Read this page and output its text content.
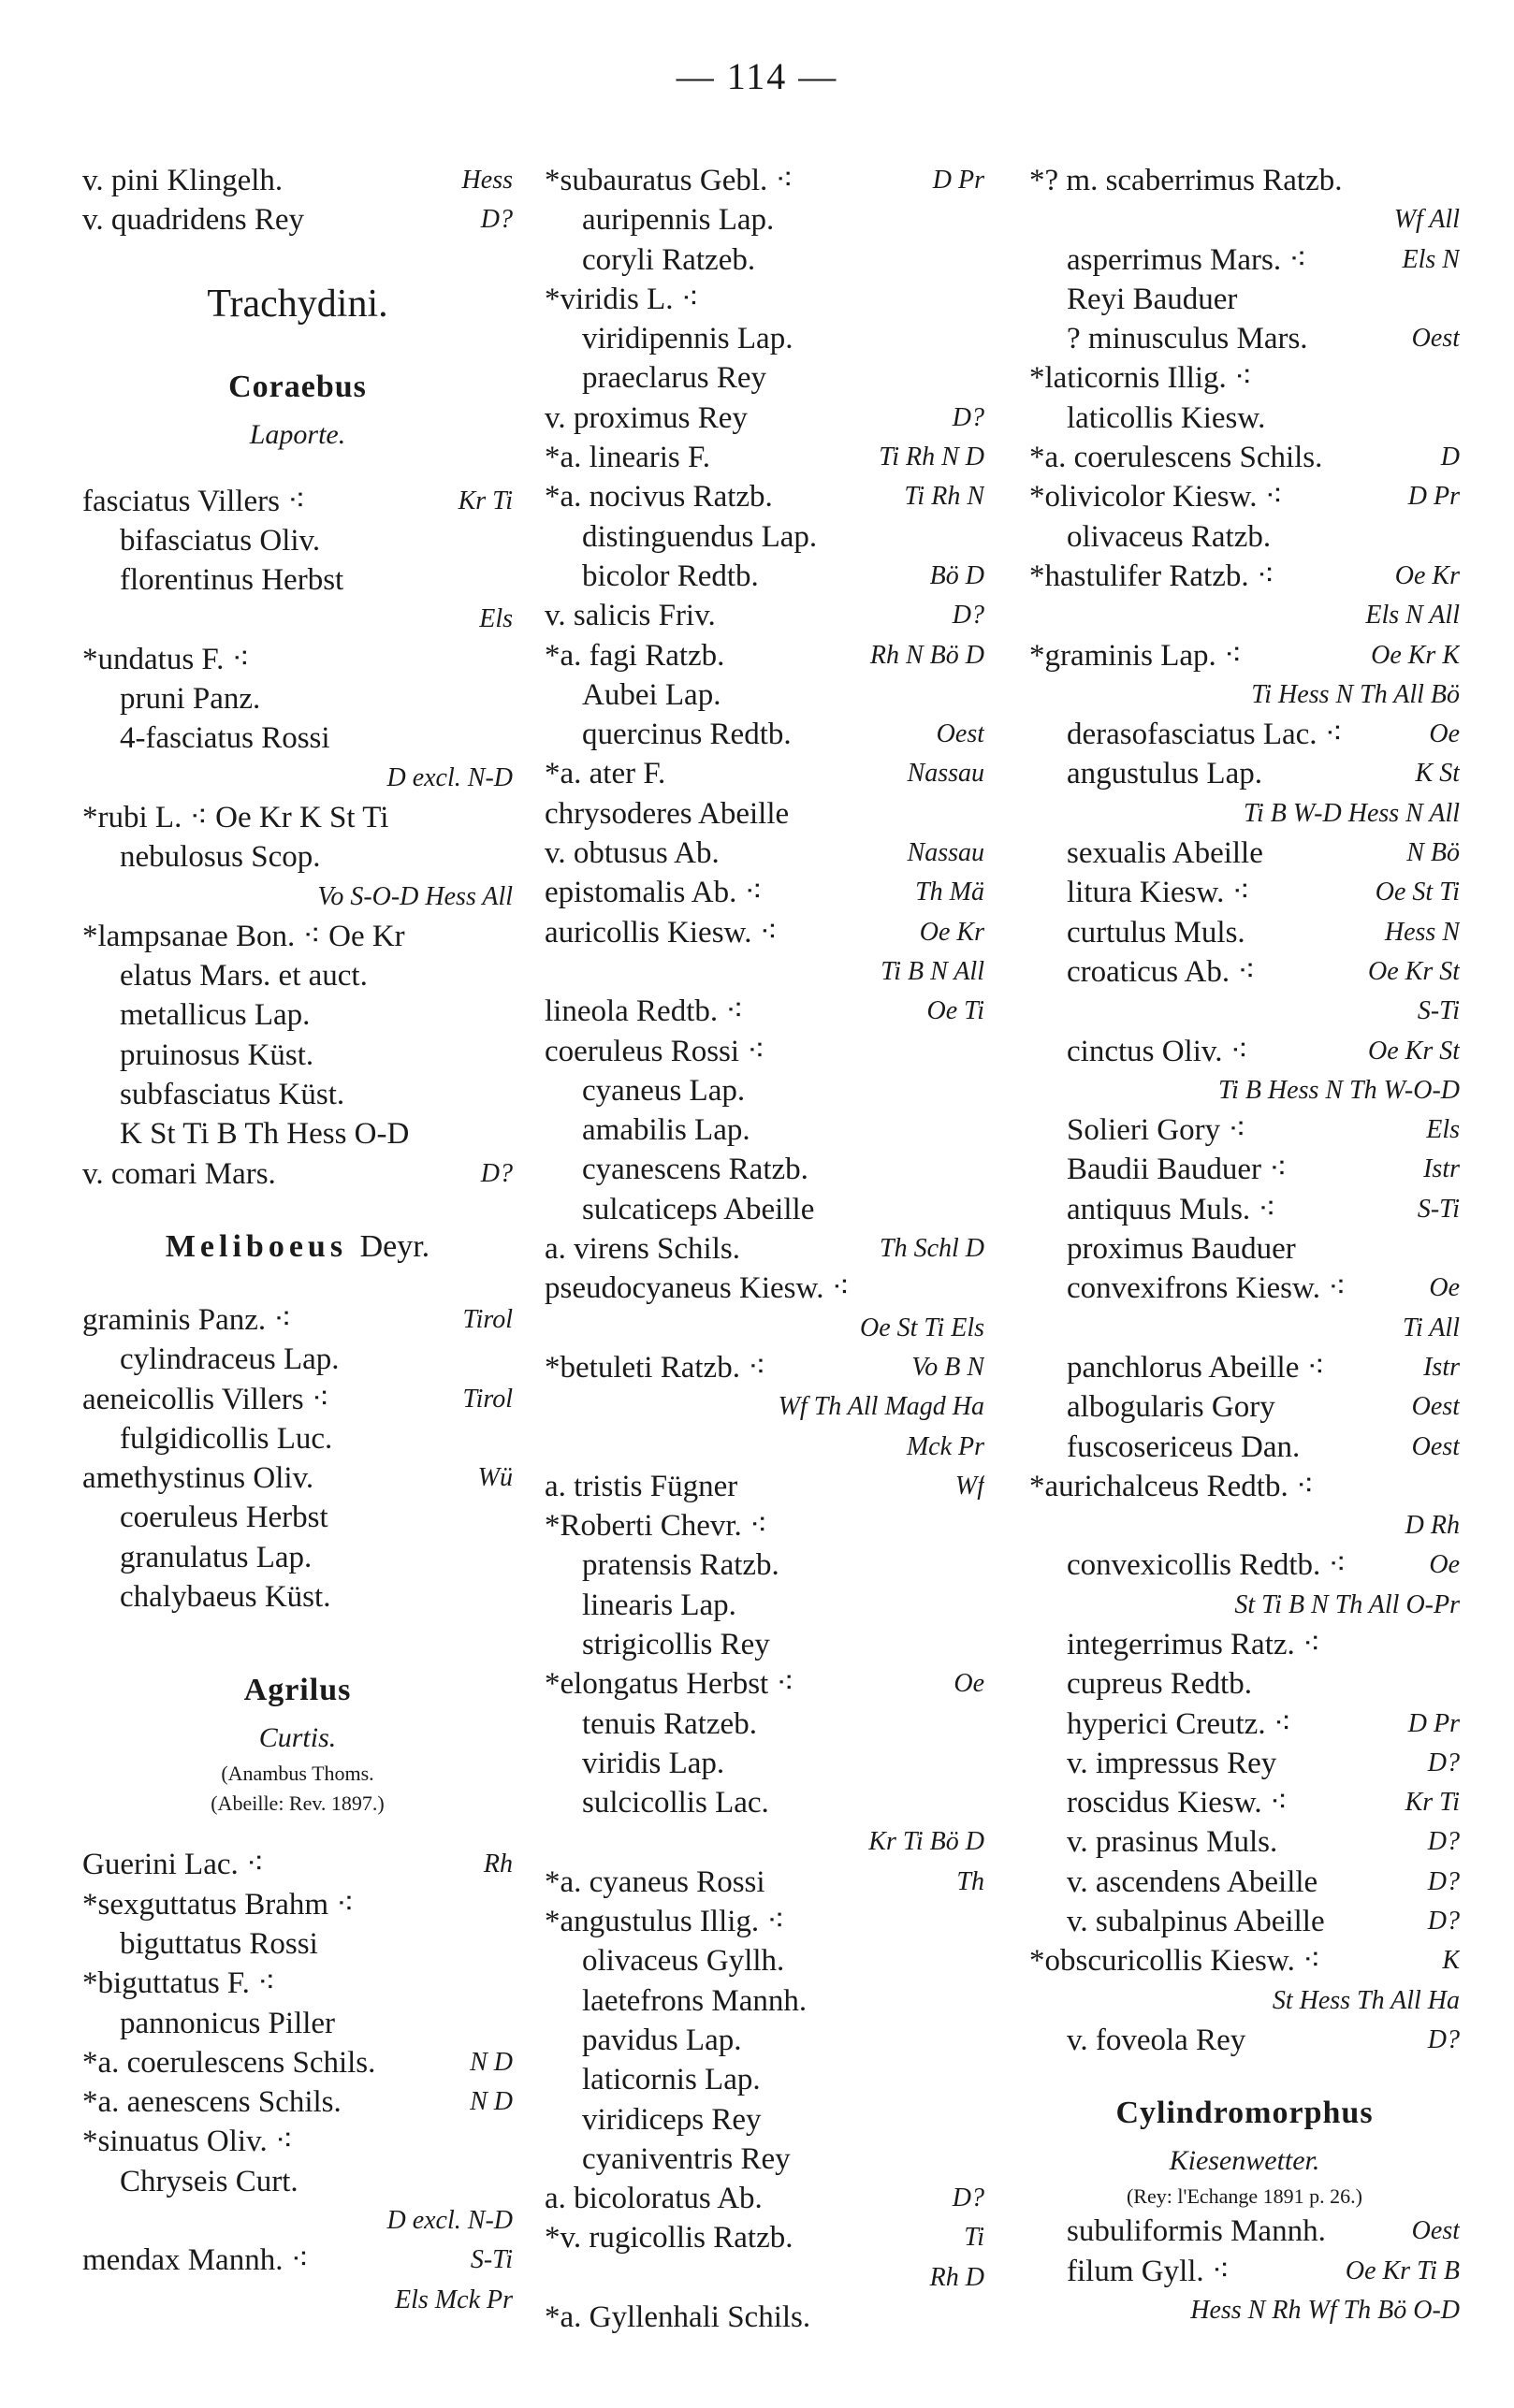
— 114 —
v. pini Klingelh.	Hess
v. quadridens Rey	D?
Trachydini.
Coraebus
Laporte.
fasciatus Villers ⁖	Kr Ti
bifasciatus Oliv.
florentinus Herbst
Els
*undatus F. ⁖
pruni Panz.
4-fasciatus Rossi
D excl. N-D
*rubi L. ⁖ Oe Kr K St Ti
nebulosus Scop.
Vo S-O-D Hess All
*lampsanae Bon. ⁖ Oe Kr
elatus Mars. et auct.
metallicus Lap.
pruinosus Küst.
subfasciatus Küst.
K St Ti B Th Hess O-D
v. comari Mars.	D?
Meliboeus Deyr.
graminis Panz. ⁖	Tirol
cylindraceus Lap.
aeneicollis Villers ⁖	Tirol
fulgidicollis Luc.
amethystinus Oliv.	Wü
coeruleus Herbst
granulatus Lap.
chalybaeus Küst.
Agrilus
Curtis.
(Anambus Thoms.
(Abeille: Rev. 1897.)
Guerini Lac. ⁖	Rh
*sexguttatus Brahm ⁖
biguttatus Rossi
*biguttatus F. ⁖
pannonicus Piller
*a. coerulescens Schils.	N D
*a. aenescens Schils.	N D
*sinuatus Oliv. ⁖
Chryseis Curt.
D excl. N-D
mendax Mannh. ⁖	S-Ti
Els Mck Pr
*subauratus Gebl. ⁖	D Pr
auripennis Lap.
coryli Ratzeb.
*viridis L. ⁖
viridipennis Lap.
praeclarus Rey
v. proximus Rey	D?
*a. linearis F.	Ti Rh N D
*a. nocivus Ratzb.	Ti Rh N
distinguendus Lap.
bicolor Redtb.	Bö D
v. salicis Friv.	D?
*a. fagi Ratzb.	Rh N Bö D
Aubei Lap.
quercinus Redtb.	Oest
*a. ater F.	Nassau
chrysoderes Abeille
v. obtusus Ab.	Nassau
epistomalis Ab. ⁖	Th Mä
auricollis Kiesw. ⁖	Oe Kr
Ti B N All
lineola Redtb. ⁖	Oe Ti
coeruleus Rossi ⁖
cyaneus Lap.
amabilis Lap.
cyanescens Ratzb.
sulcaticeps Abeille
a. virens Schils.	Th Schl D
pseudocyaneus Kiesw. ⁖
Oe St Ti Els
*betuleti Ratzb. ⁖	Vo B N
Wf Th All Magd Ha
Mck Pr
a. tristis Fügner	Wf
*Roberti Chevr. ⁖
pratensis Ratzb.
linearis Lap.
strigicollis Rey
*elongatus Herbst ⁖	Oe
tenuis Ratzeb.
viridis Lap.
sulcicollis Lac.
Kr Ti Bö D
*a. cyaneus Rossi	Th
*angustulus Illig. ⁖
olivaceus Gyllh.
laetefrons Mannh.
pavidus Lap.
laticornis Lap.
viridiceps Rey
cyaniventris Rey
a. bicoloratus Ab.	D?
*v. rugicollis Ratzb.	Ti
Rh D
*a. Gyllenhali Schils.
*? m. scaberrimus Ratzb.
Wf All
asperrimus Mars. ⁖	Els N
Reyi Bauduer
? minusculus Mars.	Oest
*laticornis Illig. ⁖
laticollis Kiesw.
*a. coerulescens Schils.	D
*olivicolor Kiesw. ⁖	D Pr
olivaceus Ratzb.
*hastulifer Ratzb. ⁖	Oe Kr
Els N All
*graminis Lap. ⁖	Oe Kr K
Ti Hess N Th All Bö
derasofasciatus Lac. ⁖	Oe
angustulus Lap.	K St
Ti B W-D Hess N All
sexualis Abeille	N Bö
litura Kiesw. ⁖	Oe St Ti
curtulus Muls.	Hess N
croaticus Ab. ⁖	Oe Kr St
S-Ti
cinctus Oliv. ⁖	Oe Kr St
Ti B Hess N Th W-O-D
Solieri Gory ⁖	Els
Baudii Bauduer ⁖	Istr
antiquus Muls. ⁖	S-Ti
proximus Bauduer
convexifrons Kiesw. ⁖	Oe
Ti All
panchlorus Abeille ⁖	Istr
albogularis Gory	Oest
fuscosericeus Dan.	Oest
*aurichalceus Redtb. ⁖
D Rh
convexicollis Redtb. ⁖	Oe
St Ti B N Th All O-Pr
integerrimus Ratz. ⁖
cupreus Redtb.
hyperici Creutz. ⁖	D Pr
v. impressus Rey	D?
roscidus Kiesw. ⁖	Kr Ti
v. prasinus Muls.	D?
v. ascendens Abeille	D?
v. subalpinus Abeille	D?
*obscuricollis Kiesw. ⁖	K
St Hess Th All Ha
v. foveola Rey	D?
Cylindromorphus
Kiesenwetter.
(Rey: l'Echange 1891 p. 26.)
subuliformis Mannh.	Oest
filum Gyll. ⁖	Oe Kr Ti B
Hess N Rh Wf Th Bö O-D
